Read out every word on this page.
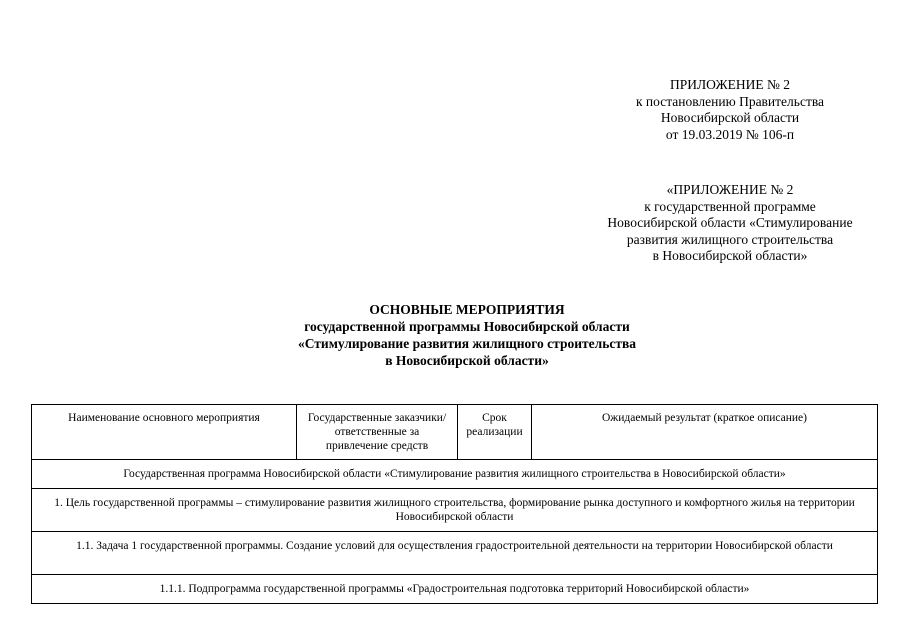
ПРИЛОЖЕНИЕ № 2
к постановлению Правительства
Новосибирской области
от 19.03.2019 № 106-п
«ПРИЛОЖЕНИЕ № 2
к государственной программе
Новосибирской области «Стимулирование
развития жилищного строительства
в Новосибирской области»
ОСНОВНЫЕ МЕРОПРИЯТИЯ
государственной программы Новосибирской области
«Стимулирование развития жилищного строительства
в Новосибирской области»
Наименование основного мероприятия	Государственные заказчики/ответственные за привлечение средств	Срок реализации	Ожидаемый результат (краткое описание)
Государственная программа Новосибирской области «Стимулирование развития жилищного строительства в Новосибирской области»
1. Цель государственной программы – стимулирование развития жилищного строительства, формирование рынка доступного и комфортного жилья на территории Новосибирской области
1.1. Задача 1 государственной программы. Создание условий для осуществления градостроительной деятельности на территории Новосибирской области
1.1.1. Подпрограмма государственной программы «Градостроительная подготовка территорий Новосибирской области»
